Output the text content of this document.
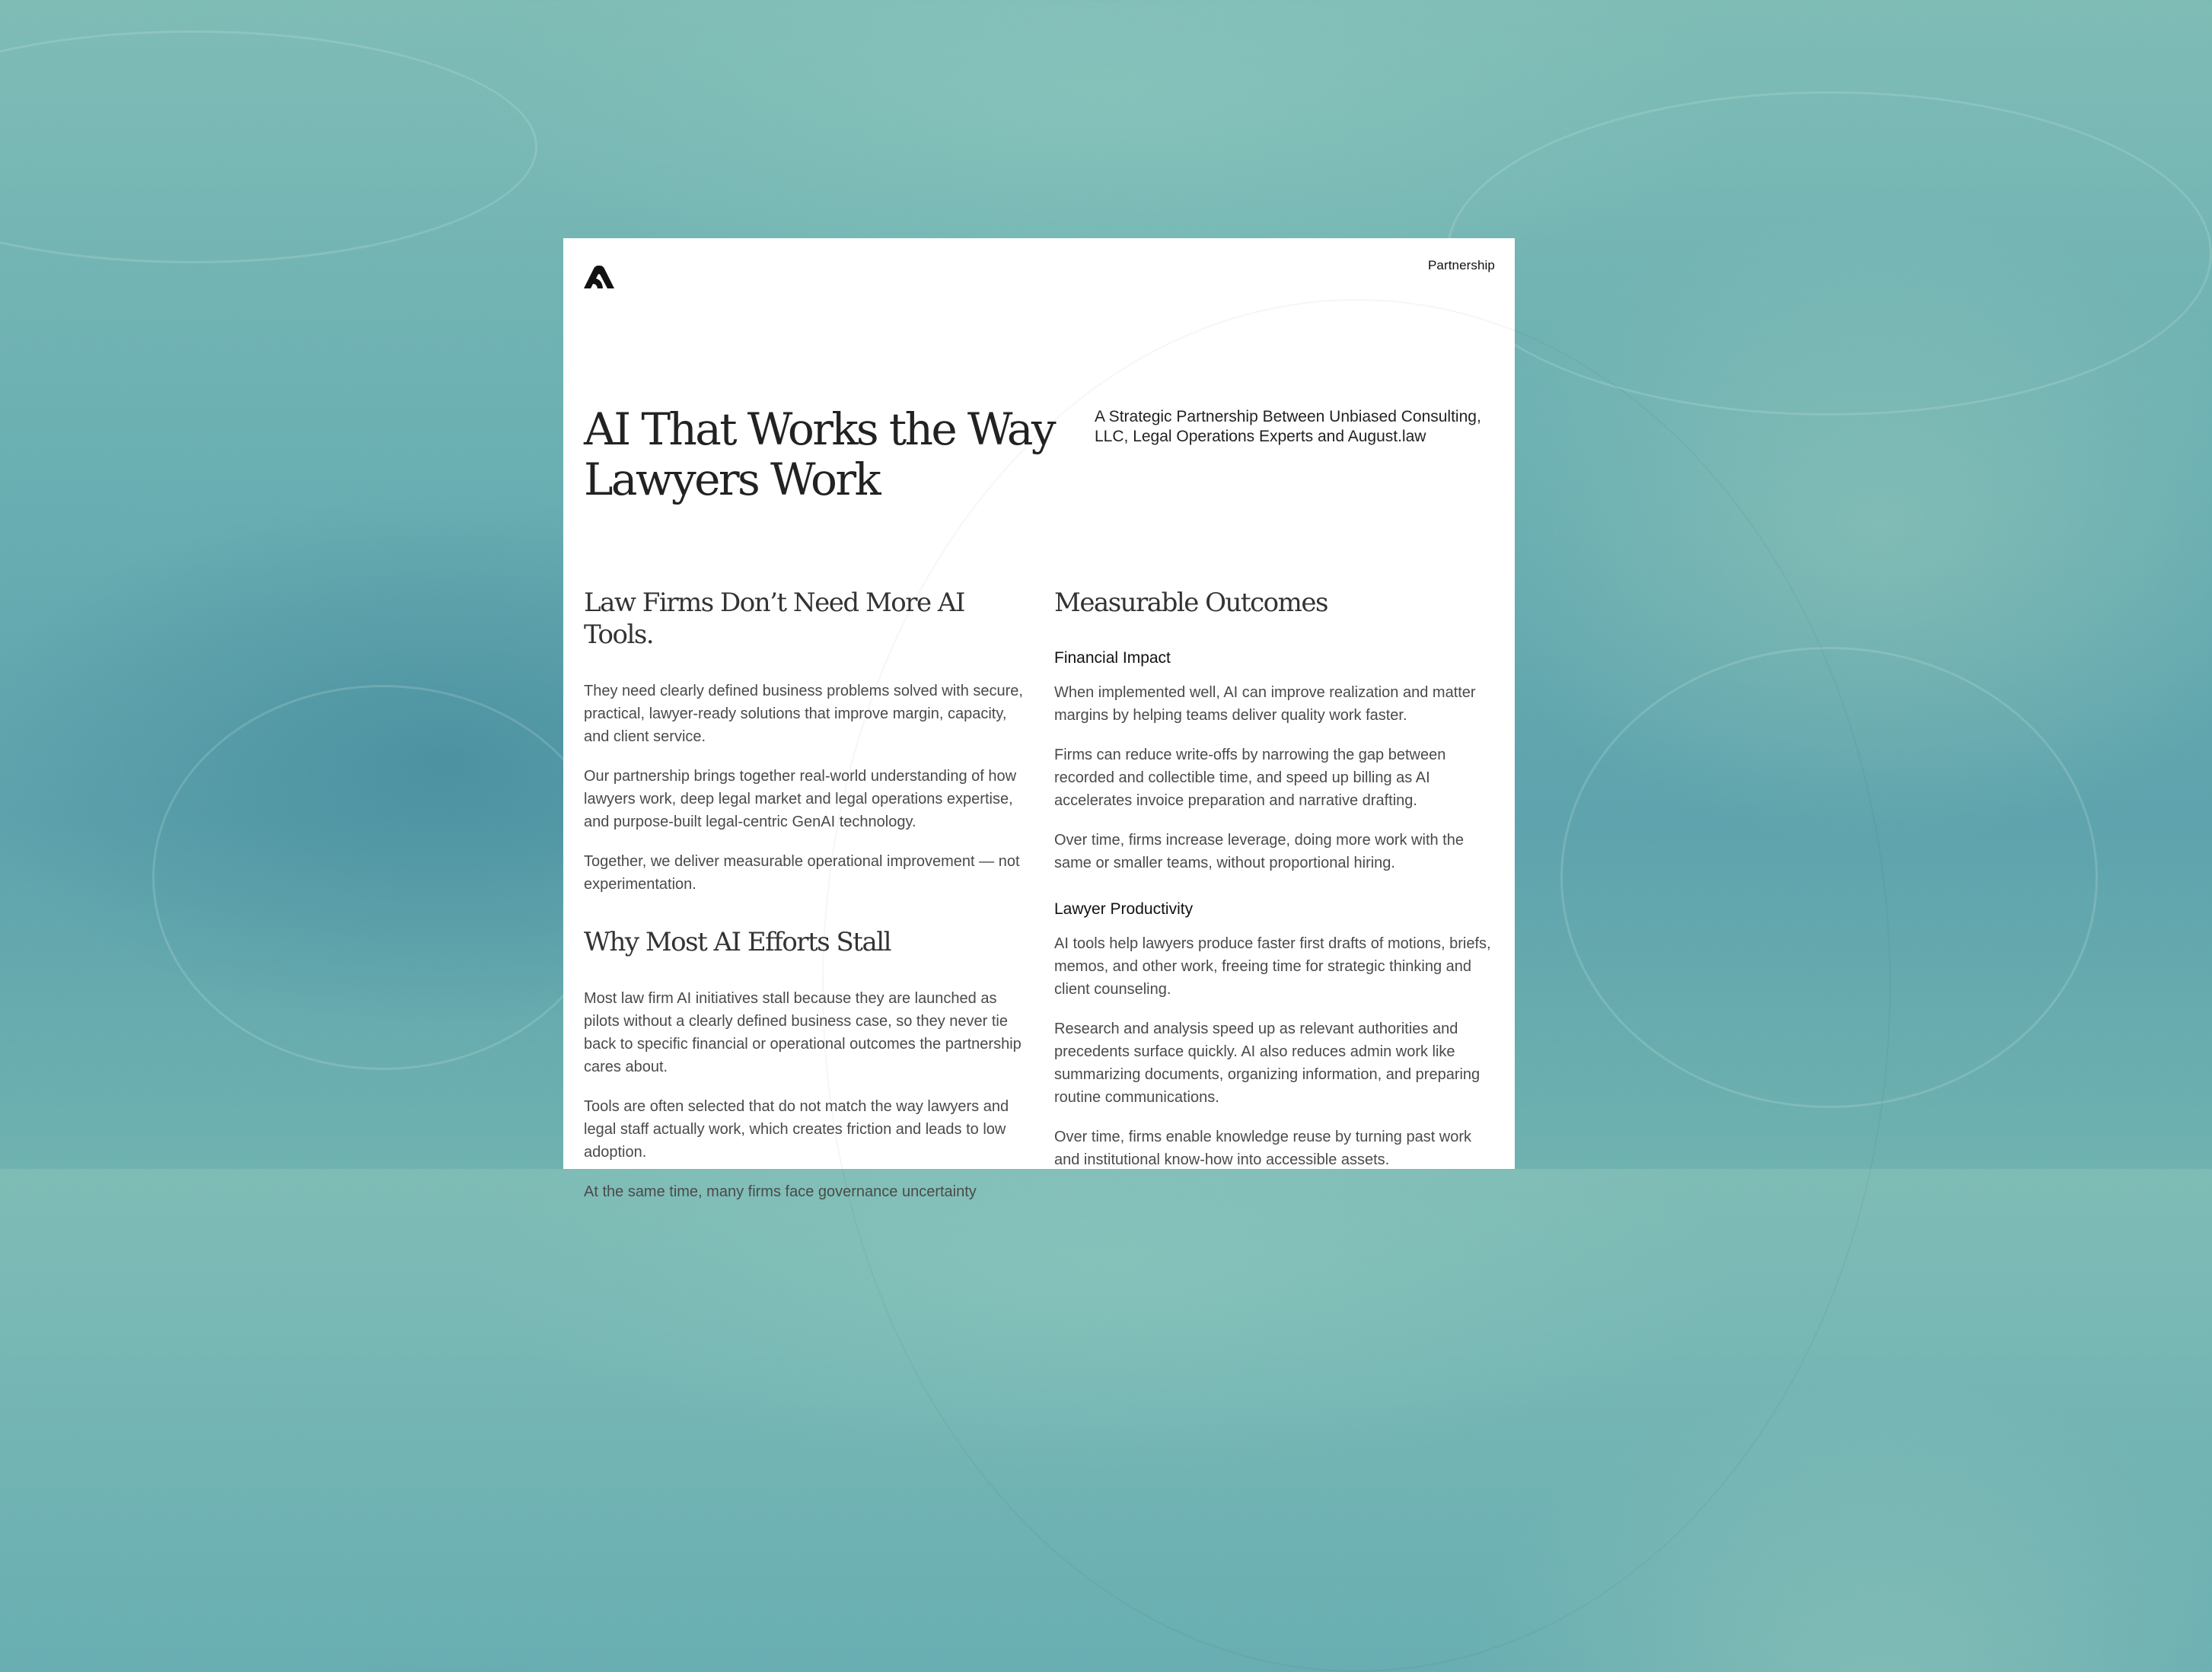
Partnership
AI That Works the Way Lawyers Work

A Strategic Partnership Between Unbiased Consulting, LLC, Legal Operations Experts and August.law

Law Firms Don’t Need More AI Tools.

They need clearly defined business problems solved with secure, practical, lawyer-ready solutions that improve margin, capacity, and client service.

Our partnership brings together real-world understanding of how lawyers work, deep legal market and legal operations expertise, and purpose-built legal-centric GenAI technology.

Together, we deliver measurable operational improvement — not experimentation.

Why Most AI Efforts Stall

Most law firm AI initiatives stall because they are launched as pilots without a clearly defined business case, so they never tie back to specific financial or operational outcomes the partnership cares about.

Tools are often selected that do not match the way lawyers and legal staff actually work, which creates friction and leads to low adoption.

At the same time, many firms face governance uncertainty

Measurable Outcomes
Financial Impact

When implemented well, AI can improve realization and matter margins by helping teams deliver quality work faster.

Firms can reduce write-offs by narrowing the gap between recorded and collectible time, and speed up billing as AI accelerates invoice preparation and narrative drafting.

Over time, firms increase leverage, doing more work with the same or smaller teams, without proportional hiring.

Lawyer Productivity

AI tools help lawyers produce faster first drafts of motions, briefs, memos, and other work, freeing time for strategic thinking and client counseling.

Research and analysis speed up as relevant authorities and precedents surface quickly. AI also reduces admin work like summarizing documents, organizing information, and preparing routine communications.

Over time, firms enable knowledge reuse by turning past work and institutional know-how into accessible assets.
